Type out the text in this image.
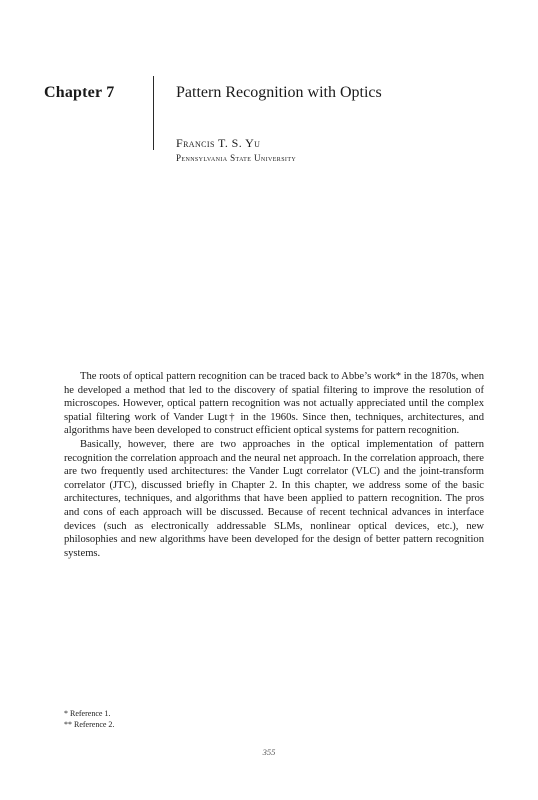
Chapter 7	Pattern Recognition with Optics
Francis T. S. Yu
Pennsylvania State University

The roots of optical pattern recognition can be traced back to Abbe’s work* in the 1870s, when he developed a method that led to the discovery of spatial filtering to improve the resolution of microscopes. However, optical pattern recognition was not actually appreciated until the complex spatial filtering work of Vander Lugt† in the 1960s. Since then, techniques, architectures, and algorithms have been developed to construct efficient optical systems for pattern recognition.

Basically, however, there are two approaches in the optical implementation of pattern recognition the correlation approach and the neural net approach. In the correlation approach, there are two frequently used architectures: the Vander Lugt correlator (VLC) and the joint-transform correlator (JTC), discussed briefly in Chapter 2. In this chapter, we address some of the basic architectures, techniques, and algorithms that have been applied to pattern recognition. The pros and cons of each approach will be discussed. Because of recent technical advances in interface devices (such as electronically addressable SLMs, nonlinear optical devices, etc.), new philosophies and new algorithms have been developed for the design of better pattern recognition systems.

* Reference 1.
** Reference 2.
355
